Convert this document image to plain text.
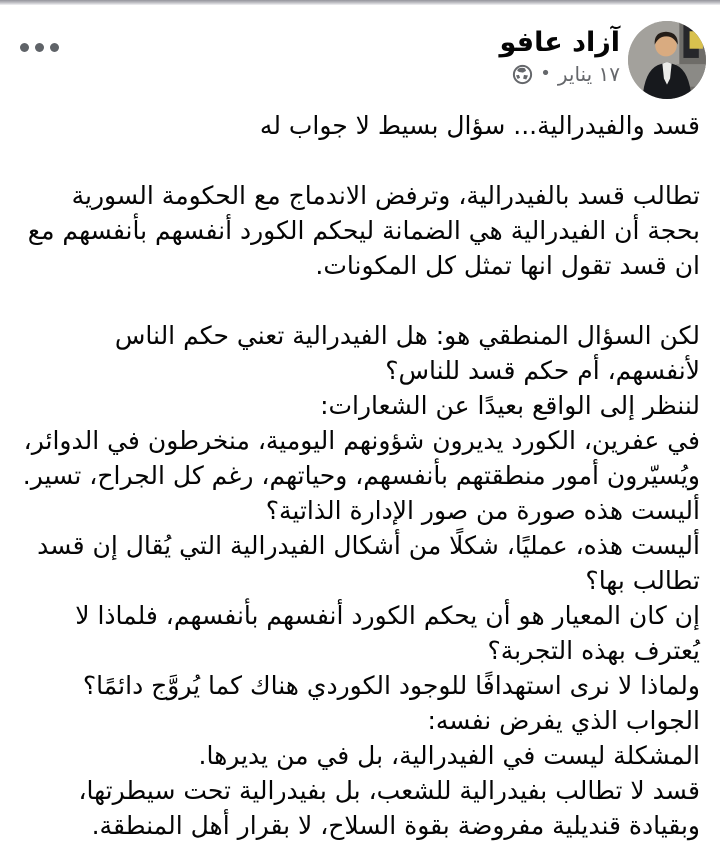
آزاد عافو
١٧ يناير
•
قسد والفيدرالية... سؤال بسيط لا جواب له

تطالب قسد بالفيدرالية، وترفض الاندماج مع الحكومة السورية بحجة أن الفيدرالية هي الضمانة ليحكم الكورد أنفسهم بأنفسهم مع ان قسد تقول انها تمثل كل المكونات.

لكن السؤال المنطقي هو: هل الفيدرالية تعني حكم الناس لأنفسهم، أم حكم قسد للناس؟
لننظر إلى الواقع بعيدًا عن الشعارات:
في عفرين، الكورد يديرون شؤونهم اليومية، منخرطون في الدوائر، ويُسيّرون أمور منطقتهم بأنفسهم، وحياتهم، رغم كل الجراح، تسير.
أليست هذه صورة من صور الإدارة الذاتية؟
أليست هذه، عمليًا، شكلًا من أشكال الفيدرالية التي يُقال إن قسد تطالب بها؟
إن كان المعيار هو أن يحكم الكورد أنفسهم بأنفسهم، فلماذا لا يُعترف بهذه التجربة؟
ولماذا لا نرى استهدافًا للوجود الكوردي هناك كما يُروَّج دائمًا؟
الجواب الذي يفرض نفسه:
المشكلة ليست في الفيدرالية، بل في من يديرها.
قسد لا تطالب بفيدرالية للشعب، بل بفيدرالية تحت سيطرتها، وبقيادة قنديلية مفروضة بقوة السلاح، لا بقرار أهل المنطقة.
